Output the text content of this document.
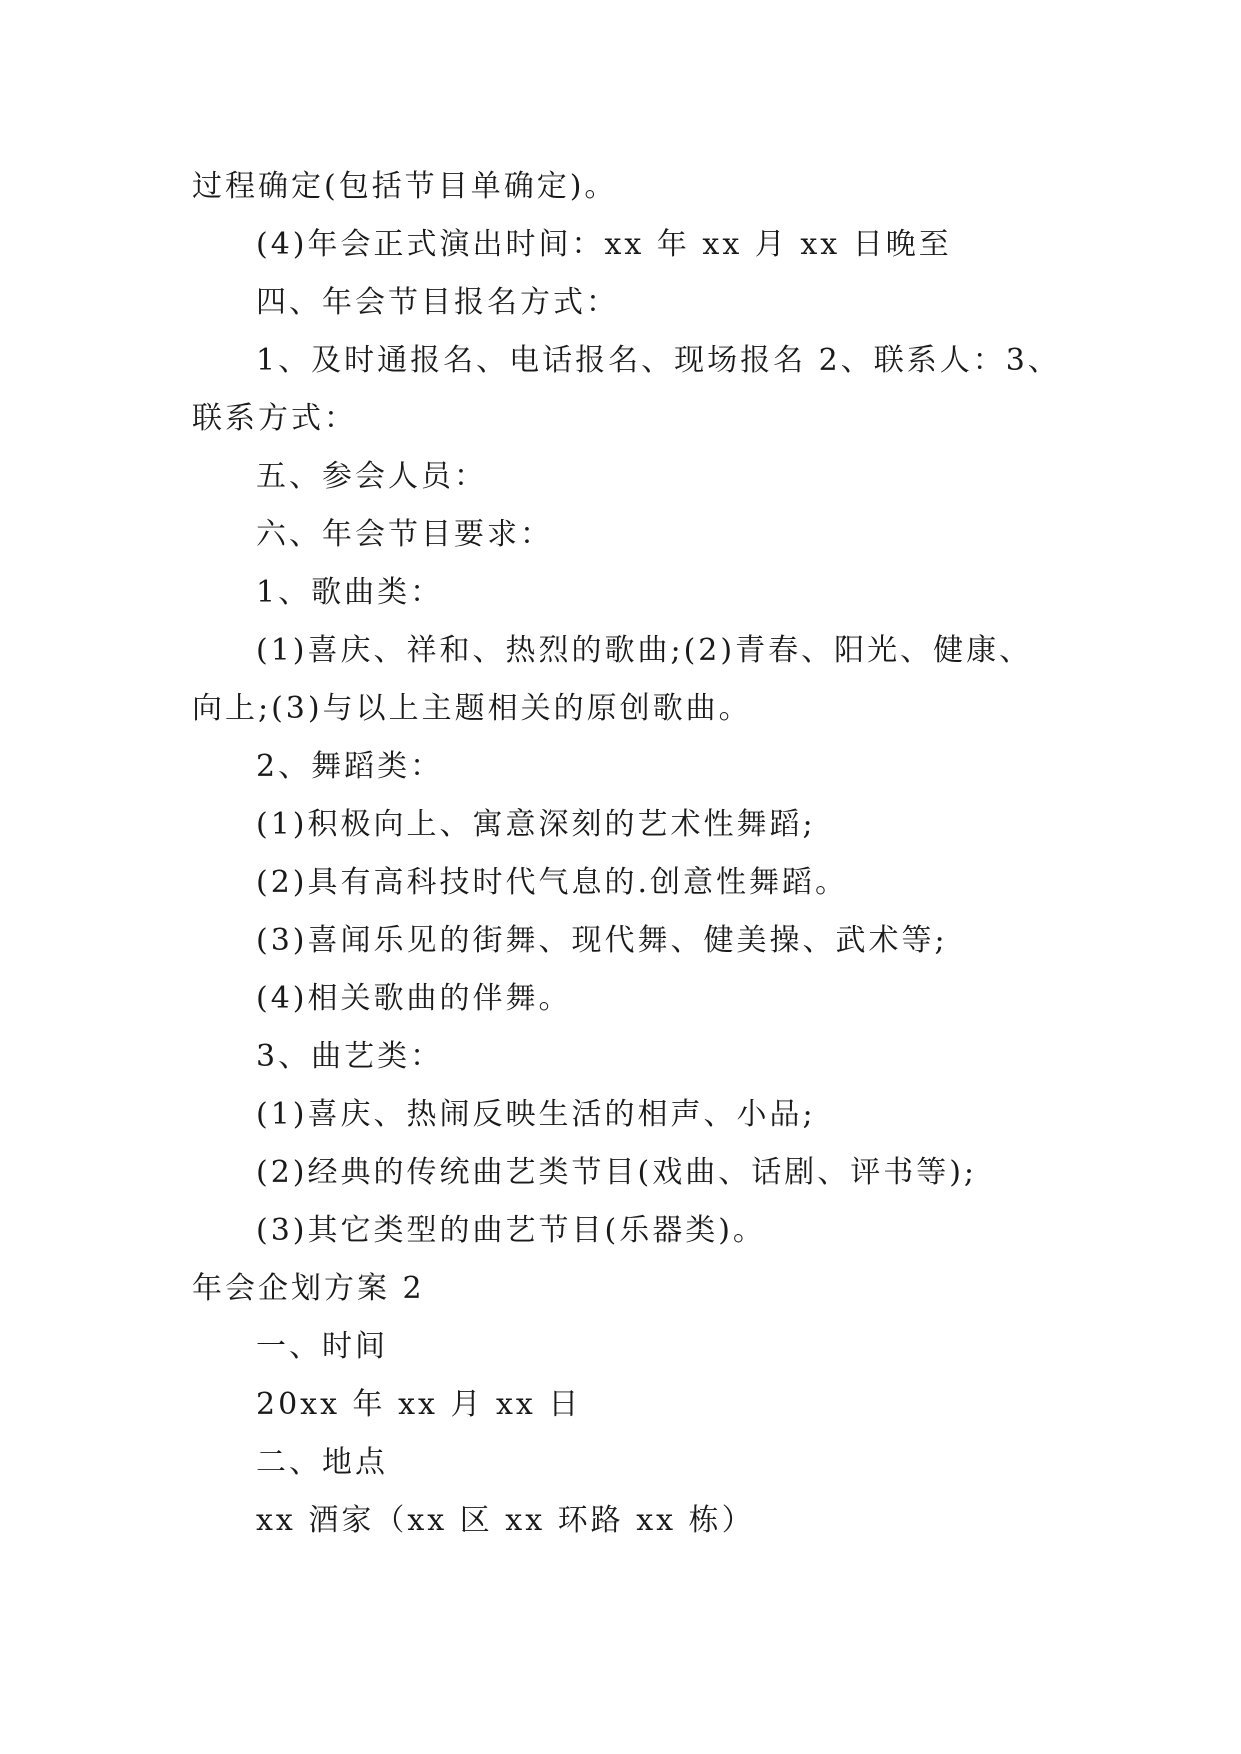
过程确定(包括节目单确定)。
(4)年会正式演出时间：xx 年 xx 月 xx 日晚至
四、年会节目报名方式：
1、及时通报名、电话报名、现场报名 2、联系人：3、
联系方式：
五、参会人员：
六、年会节目要求：
1、歌曲类：
(1)喜庆、祥和、热烈的歌曲;(2)青春、阳光、健康、
向上;(3)与以上主题相关的原创歌曲。
2、舞蹈类：
(1)积极向上、寓意深刻的艺术性舞蹈;
(2)具有高科技时代气息的.创意性舞蹈。
(3)喜闻乐见的街舞、现代舞、健美操、武术等;
(4)相关歌曲的伴舞。
3、曲艺类：
(1)喜庆、热闹反映生活的相声、小品;
(2)经典的传统曲艺类节目(戏曲、话剧、评书等);
(3)其它类型的曲艺节目(乐器类)。
年会企划方案 2
一、时间
20xx 年 xx 月 xx 日
二、地点
xx 酒家（xx 区 xx 环路 xx 栋）
